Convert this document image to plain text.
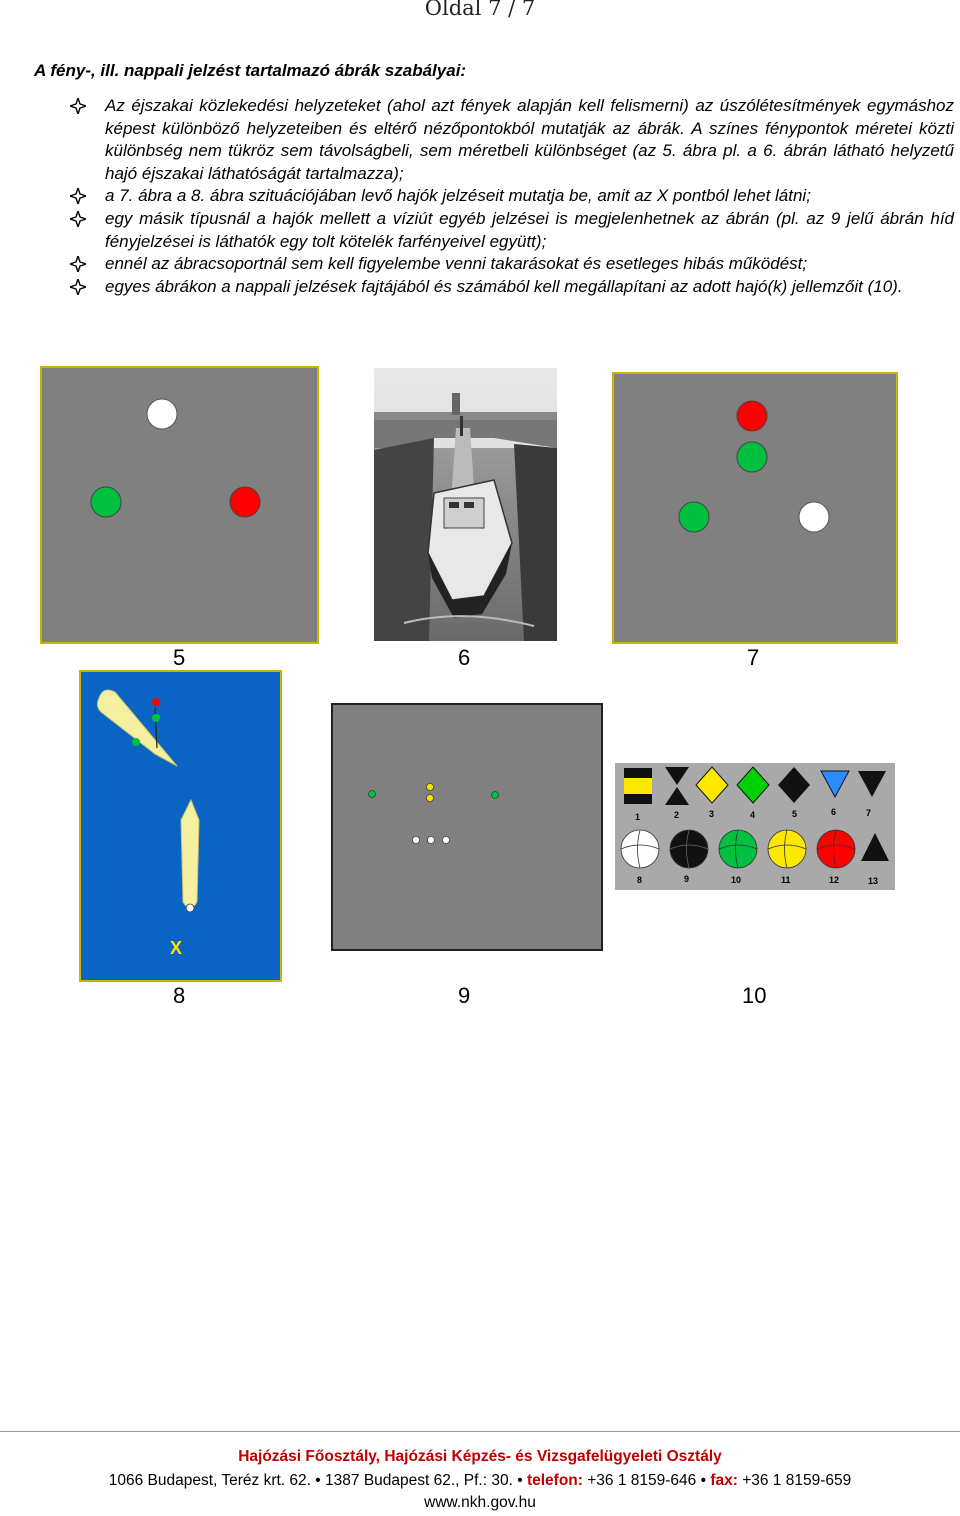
Oldal 7 / 7
A fény-, ill. nappali jelzést tartalmazó ábrák szabályai:
Az éjszakai közlekedési helyzeteket (ahol azt fények alapján kell felismerni) az úszólétesítmények egymáshoz képest különböző helyzeteiben és eltérő nézőpontokból mutatják az ábrák. A színes fénypontok méretei közti különbség nem tükröz sem távolságbeli, sem méretbeli különbséget (az 5. ábra pl. a 6. ábrán látható helyzetű hajó éjszakai láthatóságát tartalmazza);
a 7. ábra a 8. ábra szituációjában levő hajók jelzéseit mutatja be, amit az X pontból lehet látni;
egy másik típusnál a hajók mellett a víziút egyéb jelzései is megjelenhetnek az ábrán (pl. az 9 jelű ábrán híd fényjelzései is láthatók egy tolt kötelék farfényeivel együtt);
ennél az ábracsoportnál sem kell figyelembe venni takarásokat és esetleges hibás működést;
egyes ábrákon a nappali jelzések fajtájából és számából kell megállapítani az adott hajó(k) jellemzőit (10).
5	6	7
X
1	2	3	4	5	6	7
8	9	10	11	12	13
8	9	10
Hajózási Főosztály, Hajózási Képzés- és Vizsgafelügyeleti Osztály
1066 Budapest, Teréz krt. 62. • 1387 Budapest 62., Pf.: 30. • telefon: +36 1 8159-646 • fax: +36 1 8159-659
www.nkh.gov.hu
